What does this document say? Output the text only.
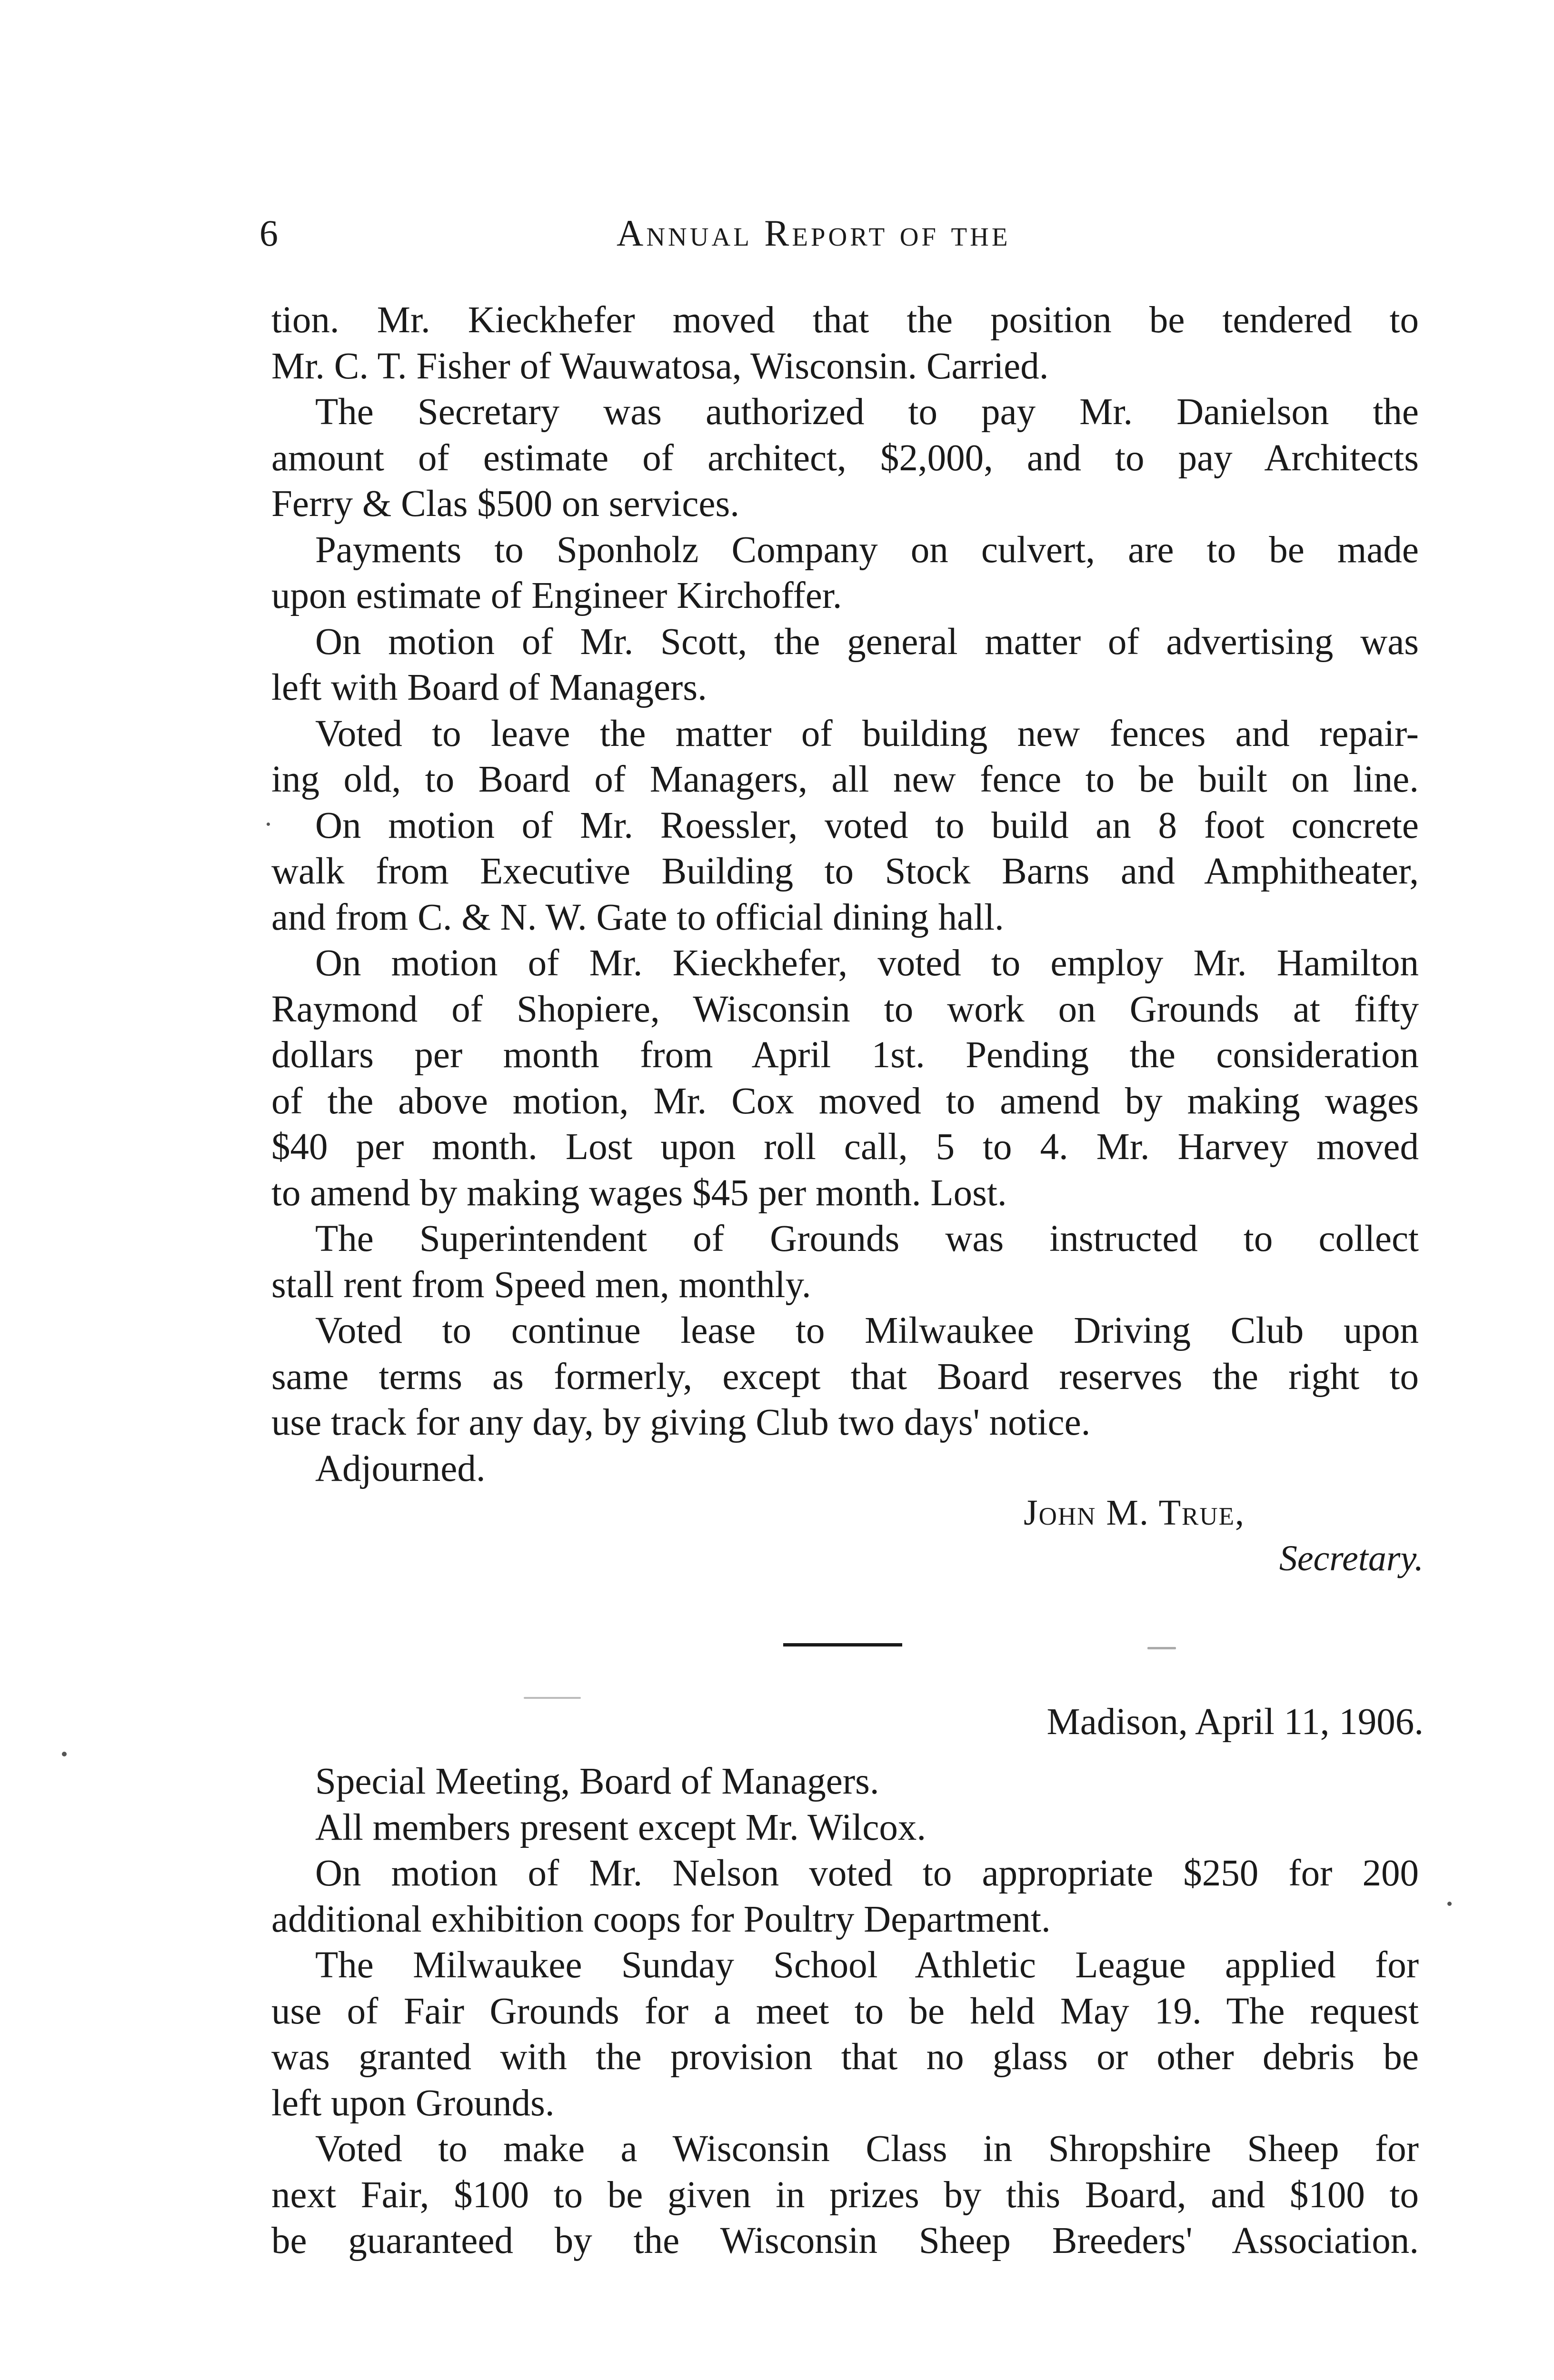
6	Annual Report of the
tion. Mr. Kieckhefer moved that the position be tendered to
Mr. C. T. Fisher of Wauwatosa, Wisconsin. Carried.
The Secretary was authorized to pay Mr. Danielson the
amount of estimate of architect, $2,000, and to pay Architects
Ferry & Clas $500 on services.
Payments to Sponholz Company on culvert, are to be made
upon estimate of Engineer Kirchoffer.
On motion of Mr. Scott, the general matter of advertising was
left with Board of Managers.
Voted to leave the matter of building new fences and repair-
ing old, to Board of Managers, all new fence to be built on line.
On motion of Mr. Roessler, voted to build an 8 foot concrete
walk from Executive Building to Stock Barns and Amphitheater,
and from C. & N. W. Gate to official dining hall.
On motion of Mr. Kieckhefer, voted to employ Mr. Hamilton
Raymond of Shopiere, Wisconsin to work on Grounds at fifty
dollars per month from April 1st. Pending the consideration
of the above motion, Mr. Cox moved to amend by making wages
$40 per month. Lost upon roll call, 5 to 4. Mr. Harvey moved
to amend by making wages $45 per month. Lost.
The Superintendent of Grounds was instructed to collect
stall rent from Speed men, monthly.
Voted to continue lease to Milwaukee Driving Club upon
same terms as formerly, except that Board reserves the right to
use track for any day, by giving Club two days' notice.
Adjourned.
John M. True,
Secretary.
Madison, April 11, 1906.
Special Meeting, Board of Managers.
All members present except Mr. Wilcox.
On motion of Mr. Nelson voted to appropriate $250 for 200
additional exhibition coops for Poultry Department.
The Milwaukee Sunday School Athletic League applied for
use of Fair Grounds for a meet to be held May 19. The request
was granted with the provision that no glass or other debris be
left upon Grounds.
Voted to make a Wisconsin Class in Shropshire Sheep for
next Fair, $100 to be given in prizes by this Board, and $100 to
be guaranteed by the Wisconsin Sheep Breeders' Association.
